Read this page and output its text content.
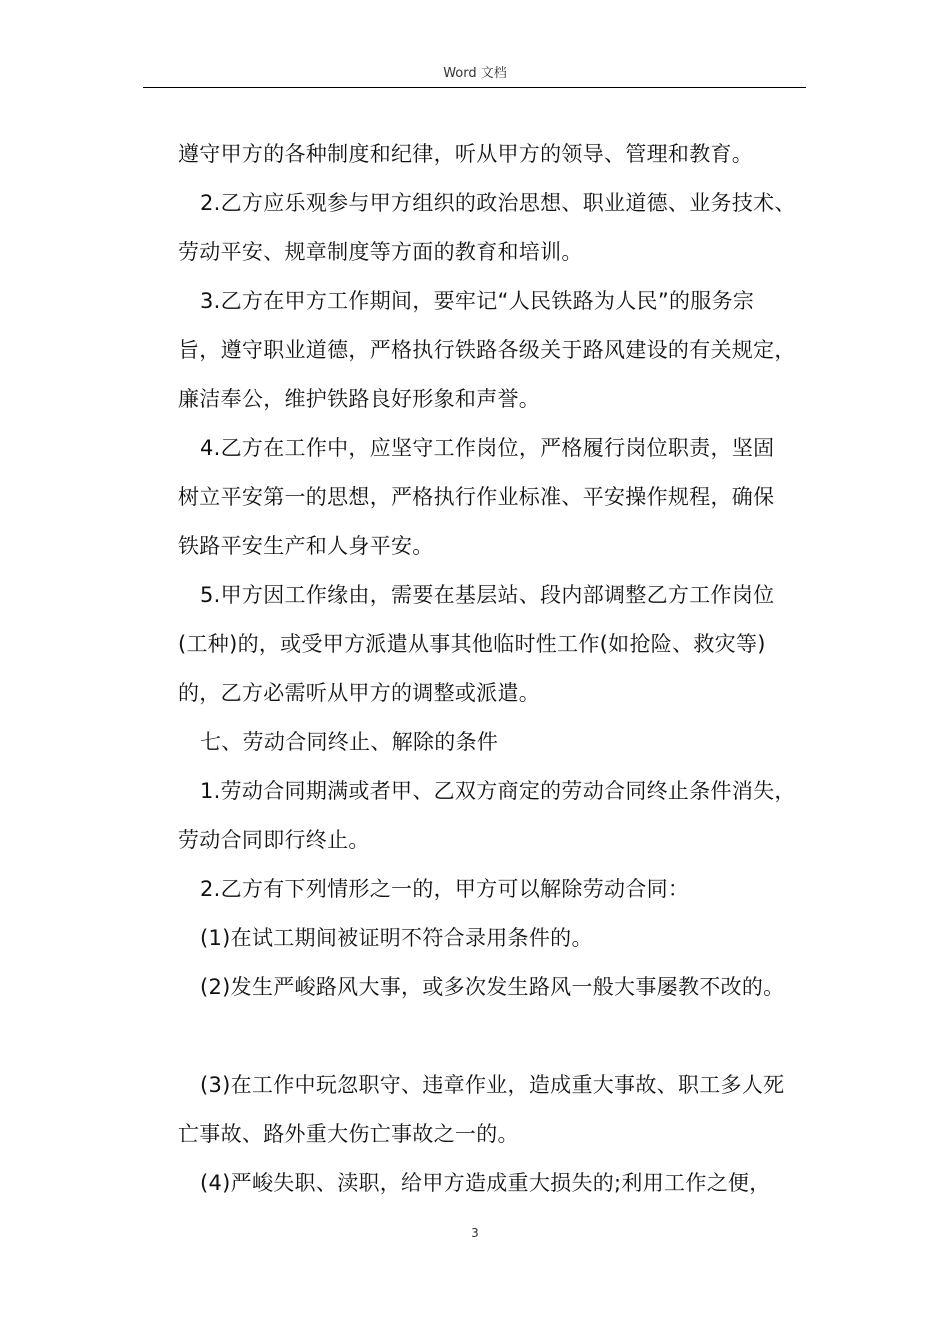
Word 文档
遵守甲方的各种制度和纪律，听从甲方的领导、管理和教育。
2.乙方应乐观参与甲方组织的政治思想、职业道德、业务技术、
劳动平安、规章制度等方面的教育和培训。
3.乙方在甲方工作期间，要牢记“人民铁路为人民”的服务宗
旨，遵守职业道德，严格执行铁路各级关于路风建设的有关规定，
廉洁奉公，维护铁路良好形象和声誉。
4.乙方在工作中，应坚守工作岗位，严格履行岗位职责，坚固
树立平安第一的思想，严格执行作业标准、平安操作规程，确保
铁路平安生产和人身平安。
5.甲方因工作缘由，需要在基层站、段内部调整乙方工作岗位
(工种)的，或受甲方派遣从事其他临时性工作(如抢险、救灾等)
的，乙方必需听从甲方的调整或派遣。
七、劳动合同终止、解除的条件
1.劳动合同期满或者甲、乙双方商定的劳动合同终止条件消失，
劳动合同即行终止。
2.乙方有下列情形之一的，甲方可以解除劳动合同：
(1)在试工期间被证明不符合录用条件的。
(2)发生严峻路风大事，或多次发生路风一般大事屡教不改的。
(3)在工作中玩忽职守、违章作业，造成重大事故、职工多人死
亡事故、路外重大伤亡事故之一的。
(4)严峻失职、渎职，给甲方造成重大损失的;利用工作之便，
3
